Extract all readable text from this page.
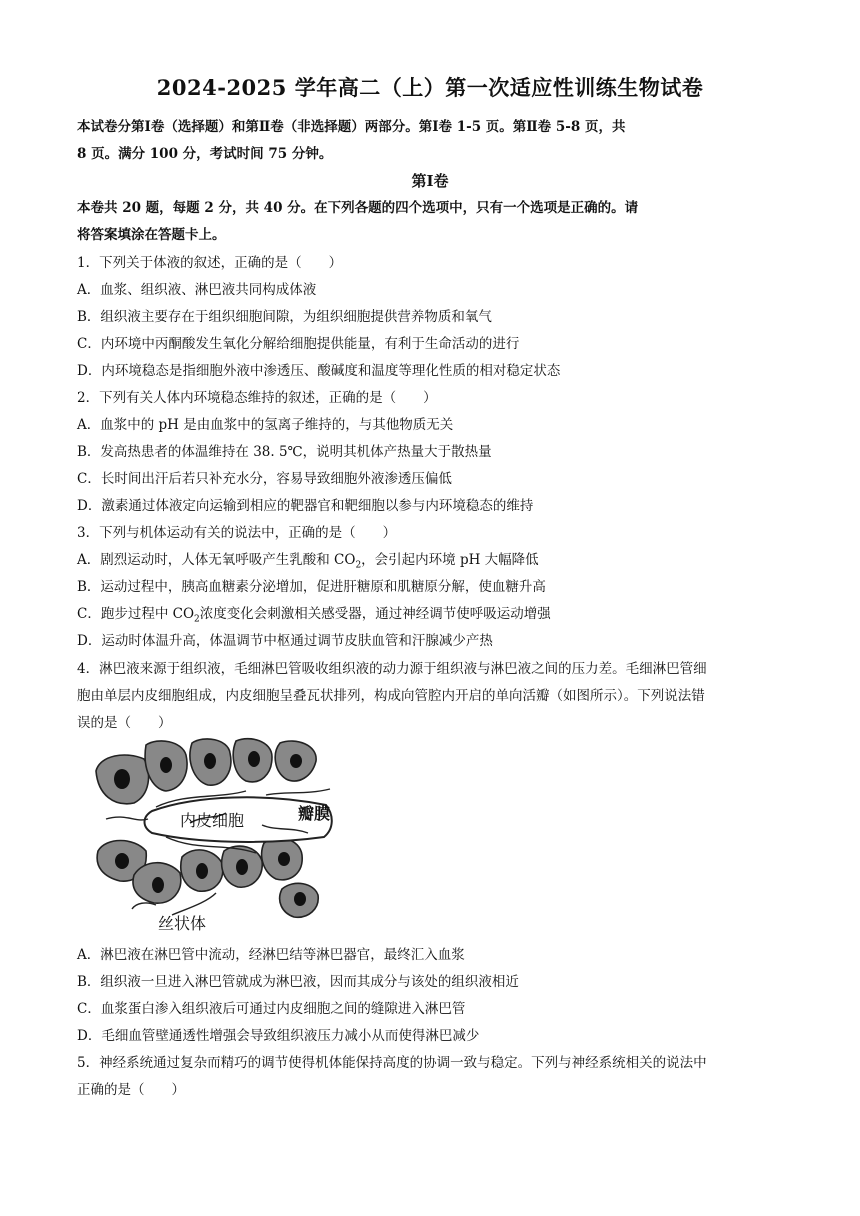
2024-2025 学年高二（上）第一次适应性训练生物试卷
本试卷分第Ⅰ卷（选择题）和第Ⅱ卷（非选择题）两部分。第Ⅰ卷 1-5 页。第Ⅱ卷 5-8 页，共
8 页。满分 100 分，考试时间 75 分钟。
第Ⅰ卷
本卷共 20 题，每题 2 分，共 40 分。在下列各题的四个选项中，只有一个选项是正确的。请
将答案填涂在答题卡上。
1．下列关于体液的叙述，正确的是（　　）
A．血浆、组织液、淋巴液共同构成体液
B．组织液主要存在于组织细胞间隙，为组织细胞提供营养物质和氧气
C．内环境中丙酮酸发生氧化分解给细胞提供能量，有利于生命活动的进行
D．内环境稳态是指细胞外液中渗透压、酸碱度和温度等理化性质的相对稳定状态
2．下列有关人体内环境稳态维持的叙述，正确的是（　　）
A．血浆中的 pH 是由血浆中的氢离子维持的，与其他物质无关
B．发高热患者的体温维持在 38. 5℃，说明其机体产热量大于散热量
C．长时间出汗后若只补充水分，容易导致细胞外液渗透压偏低
D．激素通过体液定向运输到相应的靶器官和靶细胞以参与内环境稳态的维持
3．下列与机体运动有关的说法中，正确的是（　　）
A．剧烈运动时，人体无氧呼吸产生乳酸和 $CO_2$，会引起内环境 pH 大幅降低
B．运动过程中，胰高血糖素分泌增加，促进肝糖原和肌糖原分解，使血糖升高
C．跑步过程中 $CO_2$浓度变化会刺激相关感受器，通过神经调节使呼吸运动增强
D．运动时体温升高，体温调节中枢通过调节皮肤血管和汗腺减少产热
4．淋巴液来源于组织液，毛细淋巴管吸收组织液的动力源于组织液与淋巴液之间的压力差。毛细淋巴管细
胞由单层内皮细胞组成，内皮细胞呈叠瓦状排列，构成向管腔内开启的单向活瓣（如图所示）。下列说法错
误的是（　　）
内皮细胞	瓣膜
丝状体
A．淋巴液在淋巴管中流动，经淋巴结等淋巴器官，最终汇入血浆
B．组织液一旦进入淋巴管就成为淋巴液，因而其成分与该处的组织液相近
C．血浆蛋白渗入组织液后可通过内皮细胞之间的缝隙进入淋巴管
D．毛细血管壁通透性增强会导致组织液压力减小从而使得淋巴减少
5．神经系统通过复杂而精巧的调节使得机体能保持高度的协调一致与稳定。下列与神经系统相关的说法中
正确的是（　　）
